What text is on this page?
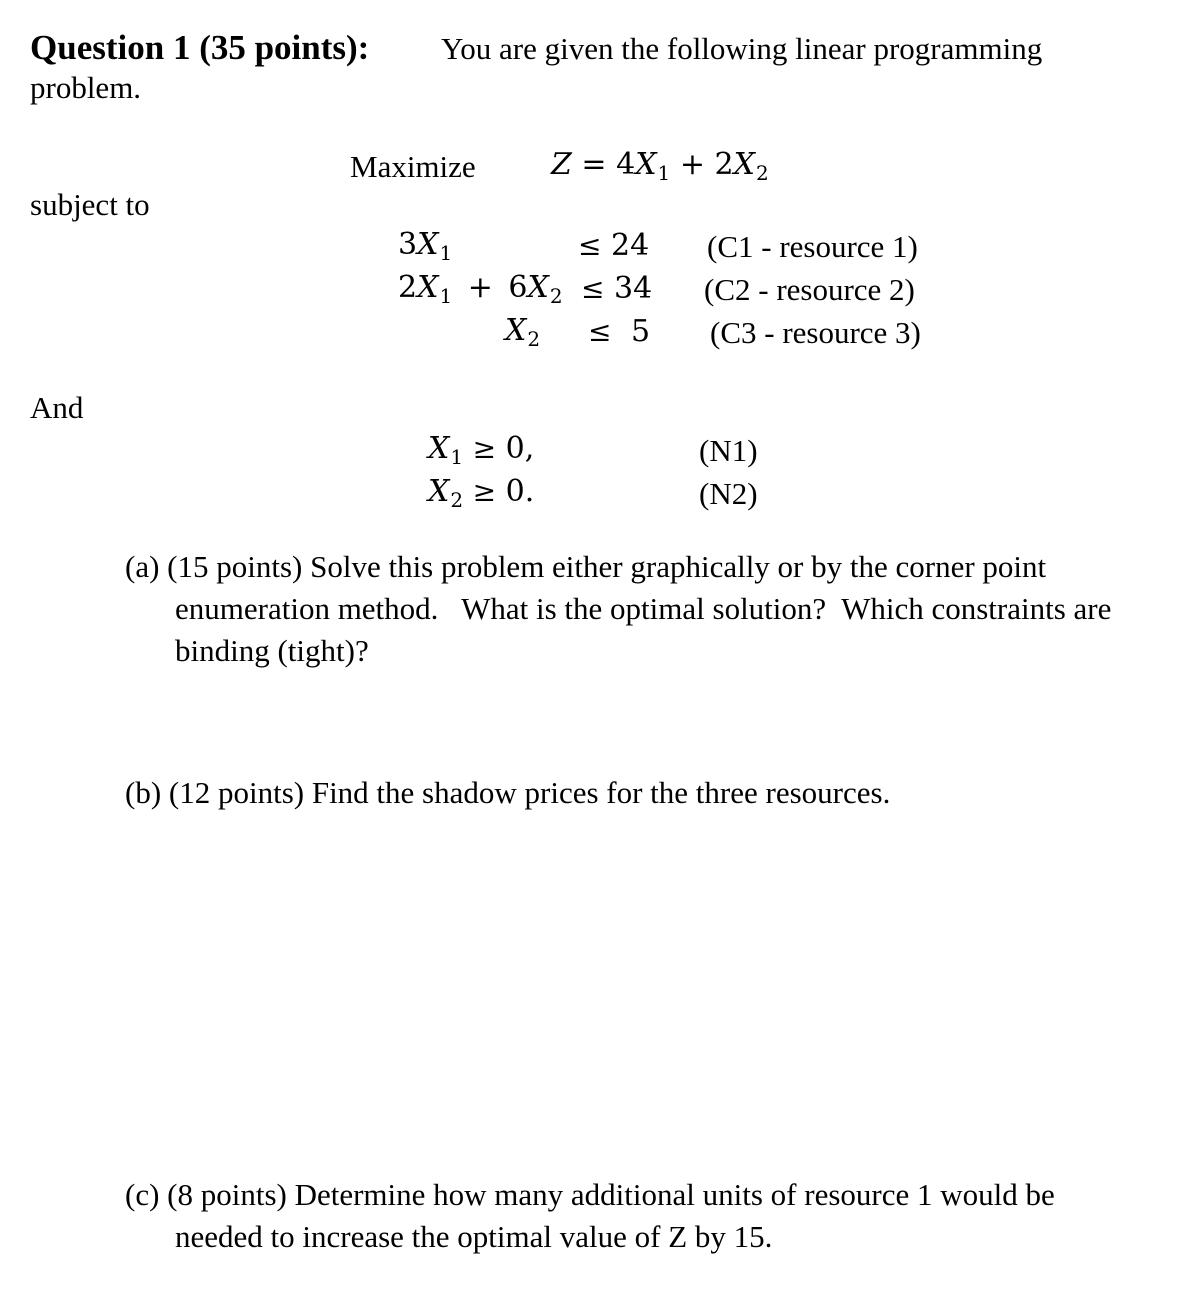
Question 1 (35 points): You are given the following linear programming
problem.
Maximize	$Z = 4X_1 + 2X_2$
subject to
$3X_1$	≤ 24 (C1 - resource 1)
$2X_1 + 6X_2 \le 34$ (C2 - resource 2)
$X_2 \le 5$ (C3 - resource 3)
And
$X_1 \ge 0$,	(N1)
$X_2 \ge 0$.	(N2)
(a) (15 points) Solve this problem either graphically or by the corner point
enumeration method.   What is the optimal solution?  Which constraints are
binding (tight)?
(b) (12 points) Find the shadow prices for the three resources.
(c) (8 points) Determine how many additional units of resource 1 would be
needed to increase the optimal value of Z by 15.
